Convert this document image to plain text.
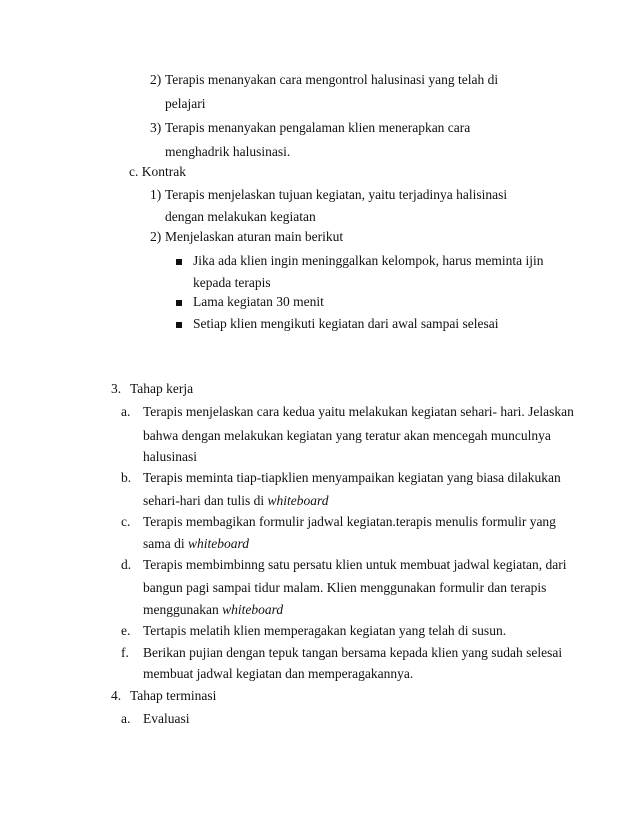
2) Terapis menanyakan cara mengontrol halusinasi yang telah di
pelajari
3) Terapis menanyakan pengalaman klien menerapkan cara
menghadrik halusinasi.
c. Kontrak
1) Terapis menjelaskan tujuan kegiatan, yaitu terjadinya halisinasi
dengan melakukan kegiatan
2) Menjelaskan aturan main berikut
Jika ada klien ingin meninggalkan kelompok, harus meminta ijin
kepada terapis
Lama kegiatan 30 menit
Setiap klien mengikuti kegiatan dari awal sampai selesai
3. Tahap kerja
a. Terapis menjelaskan cara kedua yaitu melakukan kegiatan sehari- hari. Jelaskan
bahwa dengan melakukan kegiatan yang teratur akan mencegah munculnya
halusinasi
b. Terapis meminta tiap-tiapklien menyampaikan kegiatan yang biasa dilakukan
sehari-hari dan tulis di whiteboard
c. Terapis membagikan formulir jadwal kegiatan.terapis menulis formulir yang
sama di whiteboard
d. Terapis membimbinng satu persatu klien untuk membuat jadwal kegiatan, dari
bangun pagi sampai tidur malam. Klien menggunakan formulir dan terapis
menggunakan whiteboard
e. Tertapis melatih klien memperagakan kegiatan yang telah di susun.
f. Berikan pujian dengan tepuk tangan bersama kepada klien yang sudah selesai
membuat jadwal kegiatan dan memperagakannya.
4. Tahap terminasi
a. Evaluasi
